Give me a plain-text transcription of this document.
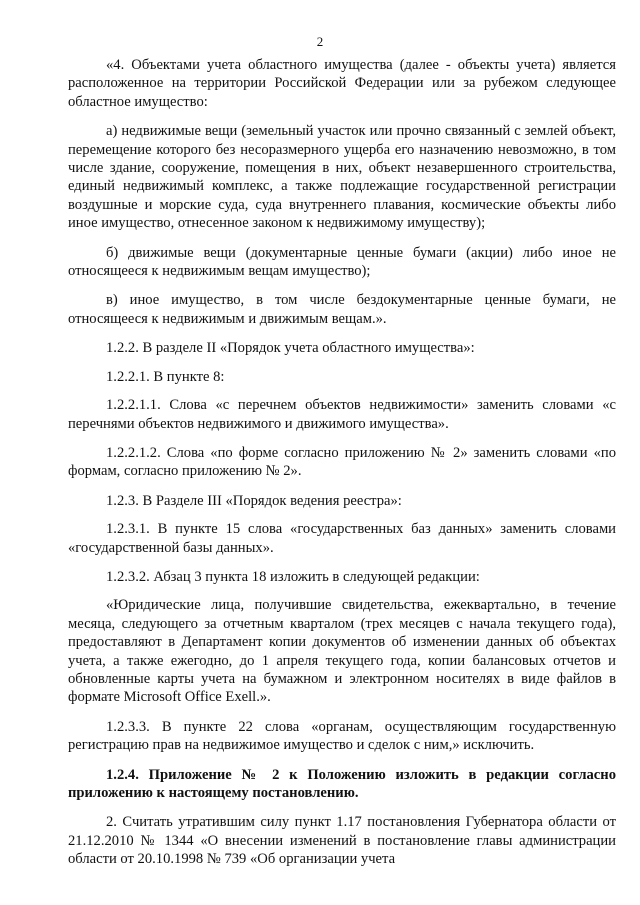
2

«4. Объектами учета областного имущества (далее - объекты учета) является расположенное на территории Российской Федерации или за рубежом следующее областное имущество:

а) недвижимые вещи (земельный участок или прочно связанный с землей объект, перемещение которого без несоразмерного ущерба его назначению невозможно, в том числе здание, сооружение, помещения в них, объект незавершенного строительства, единый недвижимый комплекс, а также подлежащие государственной регистрации воздушные и морские суда, суда внутреннего плавания, космические объекты либо иное имущество, отнесенное законом к недвижимому имуществу);

б) движимые вещи (документарные ценные бумаги (акции) либо иное не относящееся к недвижимым вещам имущество);

в) иное имущество, в том числе бездокументарные ценные бумаги, не относящееся к недвижимым и движимым вещам.».

1.2.2. В разделе II «Порядок учета областного имущества»:

1.2.2.1. В пункте 8:

1.2.2.1.1. Слова «с перечнем объектов недвижимости» заменить словами «с перечнями объектов недвижимого и движимого имущества».

1.2.2.1.2. Слова «по форме согласно приложению № 2» заменить словами «по формам, согласно приложению № 2».

1.2.3. В Разделе III «Порядок ведения реестра»:

1.2.3.1. В пункте 15 слова «государственных баз данных» заменить словами «государственной базы данных».

1.2.3.2. Абзац 3 пункта 18 изложить в следующей редакции:

«Юридические лица, получившие свидетельства, ежеквартально, в течение месяца, следующего за отчетным кварталом (трех месяцев с начала текущего года), предоставляют в Департамент копии документов об изменении данных об объектах учета, а также ежегодно, до 1 апреля текущего года, копии балансовых отчетов и обновленные карты учета на бумажном и электронном носителях в виде файлов в формате Microsoft Office Exell.».

1.2.3.3. В пункте 22 слова «органам, осуществляющим государственную регистрацию прав на недвижимое имущество и сделок с ним,» исключить.

1.2.4. Приложение № 2 к Положению изложить в редакции согласно приложению к настоящему постановлению.

2. Считать утратившим силу пункт 1.17 постановления Губернатора области от 21.12.2010 № 1344 «О внесении изменений в постановление главы администрации области от 20.10.1998 № 739 «Об организации учета
